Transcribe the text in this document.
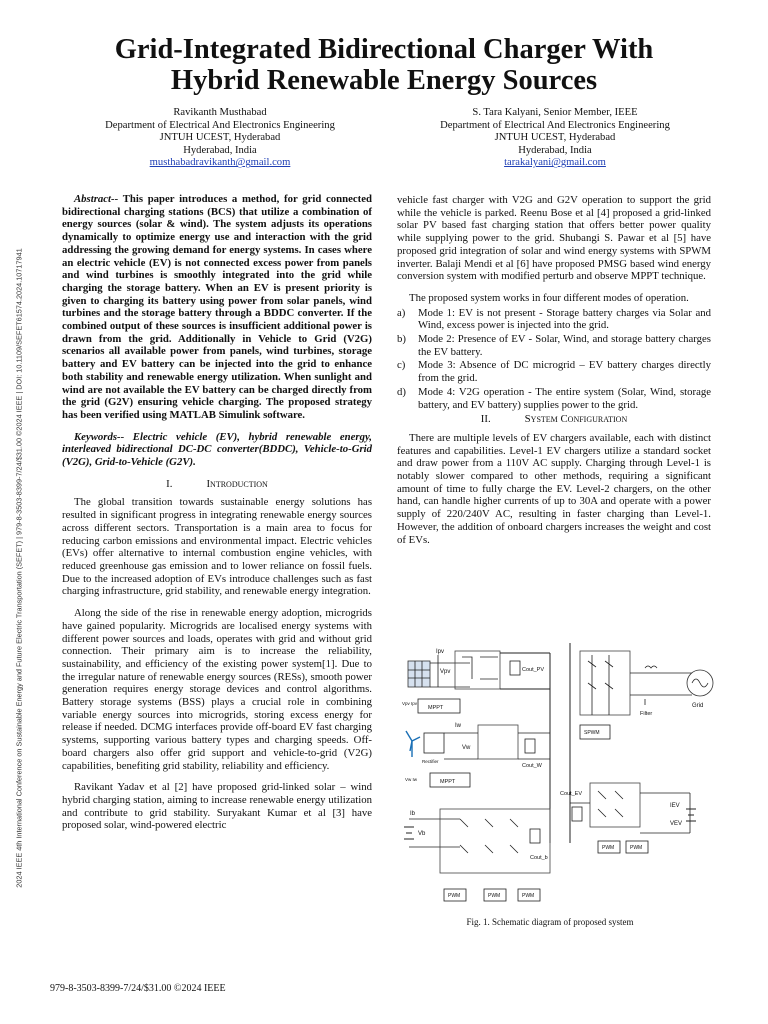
Grid-Integrated Bidirectional Charger With
Hybrid Renewable Energy Sources
Ravikanth Musthabad
Department of Electrical And Electronics Engineering
JNTUH UCEST, Hyderabad
Hyderabad, India
musthabadravikanth@gmail.com
S. Tara Kalyani, Senior Member, IEEE
Department of Electrical And Electronics Engineering
JNTUH UCEST, Hyderabad
Hyderabad, India
tarakalyani@gmail.com
2024 IEEE 4th International Conference on Sustainable Energy and Future Electric Transportation (SEFET) | 979-8-3503-8399-7/24/$31.00 ©2024 IEEE | DOI: 10.1109/SEFET61574.2024.10717941

Abstract-- This paper introduces a method, for grid connected bidirectional charging stations (BCS) that utilize a combination of energy sources (solar & wind). The system adjusts its operations dynamically to optimize energy use and interaction with the grid addressing the growing demand for energy systems. In cases where an electric vehicle (EV) is not connected excess power from panels and wind turbines is smoothly integrated into the grid while charging the storage battery. When an EV is present priority is given to charging its battery using power from solar panels, wind turbines and the storage battery through a BDDC converter. If the combined output of these sources is insufficient additional power is drawn from the grid. Additionally in Vehicle to Grid (V2G) scenarios all available power from panels, wind turbines, storage battery and EV battery can be injected into the grid to enhance both stability and renewable energy utilization. When sunlight and wind are not available the EV battery can be charged directly from the grid (G2V) ensuring vehicle charging. The proposed strategy has been verified using MATLAB Simulink software.

Keywords-- Electric vehicle (EV), hybrid renewable energy, interleaved bidirectional DC-DC converter(BDDC), Vehicle-to-Grid (V2G), Grid-to-Vehicle (G2V).

I.	Introduction

The global transition towards sustainable energy solutions has resulted in significant progress in integrating renewable energy sources across different sectors. Transportation is a main area to focus for reducing carbon emissions and environmental impact. Electric vehicles (EVs) offer alternative to internal combustion engine vehicles, with reduced greenhouse gas emission and to lower reliance on fossil fuels. Due to the increased adoption of EVs introduce challenges such as fast charging infrastructure, grid stability, and renewable energy integration.

Along the side of the rise in renewable energy adoption, microgrids have gained popularity. Microgrids are localised energy systems with different power sources and loads, operates with grid and without grid connection. Their primary aim is to increase the reliability, sustainability, and efficiency of the existing power system[1]. Due to the irregular nature of renewable energy sources (RESs), smooth power generation requires energy storage devices and control algorithms. Battery storage systems (BSS) plays a crucial role in combining variable energy sources into microgrids, storing excess energy for release if needed. DCMG interfaces provide off-board EV fast charging systems, supporting various battery types and charging speeds. Off-board chargers also offer grid support and vehicle-to-grid (V2G) capabilities, benefiting grid stability, reliability and efficiency.

Ravikant Yadav et al [2] have proposed grid-linked solar – wind hybrid charging station, aiming to increase renewable energy utilization and contribute to grid stability. Suryakant Kumar et al [3] have proposed solar, wind-powered electric

vehicle fast charger with V2G and G2V operation to support the grid while the vehicle is parked. Reenu Bose et al [4] proposed a grid-linked solar PV based fast charging station that offers better power quality while supplying power to the grid. Shubangi S. Pawar et al [5] have proposed grid integration of solar and wind energy systems with SPWM inverter. Balaji Mendi et al [6] have proposed PMSG based wind energy conversion system with modified perturb and observe MPPT technique.

The proposed system works in four different modes of operation.

a)	Mode 1: EV is not present - Storage battery charges via Solar and Wind, excess power is injected into the grid.
b)	Mode 2: Presence of EV - Solar, Wind, and storage battery charges the EV battery.
c)	Mode 3: Absence of DC microgrid – EV battery charges directly from the grid.
d)	Mode 4: V2G operation - The entire system (Solar, Wind, storage battery, and EV battery) supplies power to the grid.
II.	System Configuration

There are multiple levels of EV chargers available, each with distinct features and capabilities. Level-1 EV chargers utilize a standard socket and draw power from a 110V AC supply. Charging through Level-1 is notably slower compared to other methods, requiring a significant amount of time to fully charge the EV. Level-2 chargers, on the other hand, can handle higher currents of up to 30A and operate with a power supply of 220/240V AC, resulting in faster charging than Level-1. However, the addition of onboard chargers increases the weight and cost of EVs.

Ipv
Vpv	Cout_PV
MPPT
Vpv Ipv
SPWM
Filter
Grid
Rectifier
Iw
Vw
Cout_W
MPPT
Vw Iw
Cout_EV
IEV
VEV
PWM	PWM
Ib
Vb
Cout_b
PWM	PWM	PWM
Fig. 1. Schematic diagram of proposed system
979-8-3503-8399-7/24/$31.00 ©2024 IEEE
